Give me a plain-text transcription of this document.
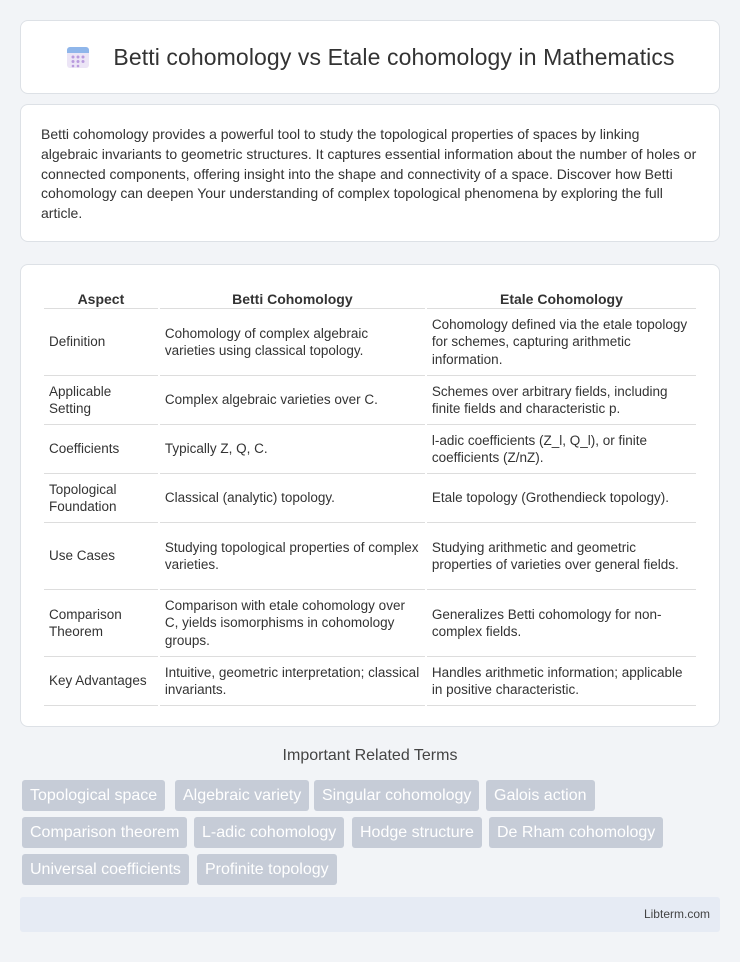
Betti cohomology vs Etale cohomology in Mathematics

Betti cohomology provides a powerful tool to study the topological properties of spaces by linking algebraic invariants to geometric structures. It captures essential information about the number of holes or connected components, offering insight into the shape and connectivity of a space. Discover how Betti cohomology can deepen Your understanding of complex topological phenomena by exploring the full article.

Aspect	Betti Cohomology	Etale Cohomology
Definition	Cohomology of complex algebraic varieties using classical topology.	Cohomology defined via the etale topology for schemes, capturing arithmetic information.
Applicable Setting	Complex algebraic varieties over C.	Schemes over arbitrary fields, including finite fields and characteristic p.
Coefficients	Typically Z, Q, C.	l-adic coefficients (Z_l, Q_l), or finite coefficients (Z/nZ).
Topological Foundation	Classical (analytic) topology.	Etale topology (Grothendieck topology).
Use Cases	Studying topological properties of complex varieties.	Studying arithmetic and geometric properties of varieties over general fields.
Comparison Theorem	Comparison with etale cohomology over C, yields isomorphisms in cohomology groups.	Generalizes Betti cohomology for non-complex fields.
Key Advantages	Intuitive, geometric interpretation; classical invariants.	Handles arithmetic information; applicable in positive characteristic.
Important Related Terms
Topological space	Algebraic variety	Singular cohomology	Galois action
Comparison theorem	L-adic cohomology	Hodge structure	De Rham cohomology
Universal coefficients	Profinite topology
Libterm.com
